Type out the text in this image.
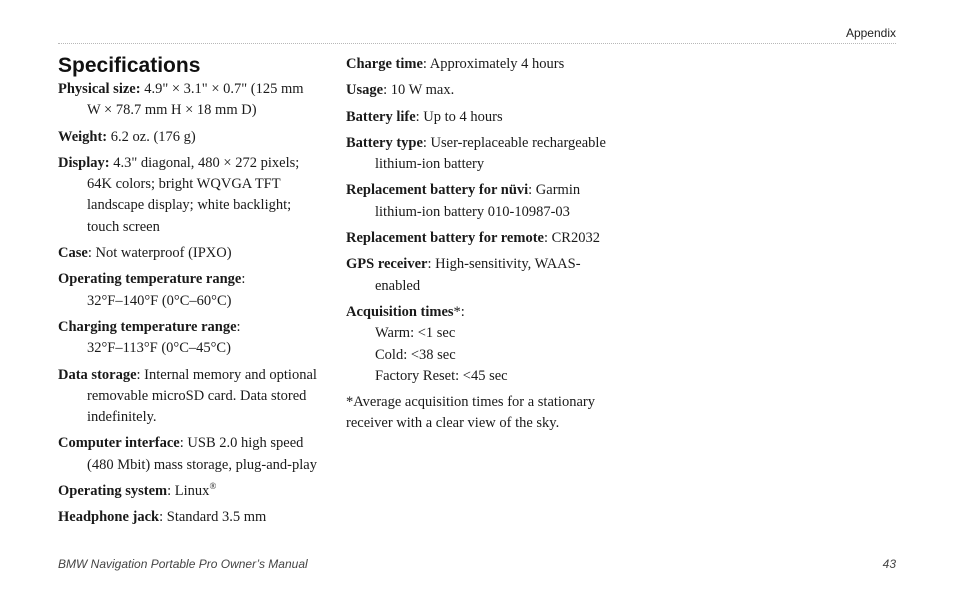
Appendix
Specifications

Physical size: 4.9" × 3.1" × 0.7" (125 mm W × 78.7 mm H × 18 mm D)

Weight: 6.2 oz. (176 g)

Display: 4.3" diagonal, 480 × 272 pixels; 64K colors; bright WQVGA TFT landscape display; white backlight; touch screen

Case: Not waterproof (IPXO)

Operating temperature range:
32°F–140°F (0°C–60°C)
Charging temperature range:
32°F–113°F (0°C–45°C)

Data storage: Internal memory and optional removable microSD card. Data stored indefinitely.

Computer interface: USB 2.0 high speed (480 Mbit) mass storage, plug-and-play

Operating system: Linux®

Headphone jack: Standard 3.5 mm

Charge time: Approximately 4 hours

Usage: 10 W max.

Battery life: Up to 4 hours

Battery type: User-replaceable rechargeable lithium-ion battery

Replacement battery for nüvi: Garmin lithium-ion battery 010-10987-03

Replacement battery for remote: CR2032

GPS receiver: High-sensitivity, WAAS-enabled

Acquisition times*:

Warm: <1 sec

Cold: <38 sec

Factory Reset: <45 sec

*Average acquisition times for a stationary receiver with a clear view of the sky.

BMW Navigation Portable Pro Owner’s Manual	43
